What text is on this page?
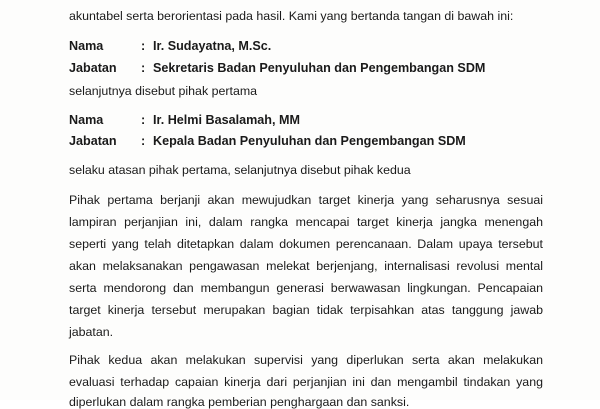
akuntabel serta berorientasi pada hasil. Kami yang bertanda tangan di bawah ini:
Nama	: Ir. Sudayatna, M.Sc.
Jabatan : Sekretaris Badan Penyuluhan dan Pengembangan SDM
selanjutnya disebut pihak pertama
Nama	: Ir. Helmi Basalamah, MM
Jabatan : Kepala Badan Penyuluhan dan Pengembangan SDM
selaku atasan pihak pertama, selanjutnya disebut pihak kedua
Pihak pertama berjanji akan mewujudkan target kinerja yang seharusnya sesuai
lampiran perjanjian ini, dalam rangka mencapai target kinerja jangka menengah
seperti yang telah ditetapkan dalam dokumen perencanaan. Dalam upaya tersebut
akan melaksanakan pengawasan melekat berjenjang, internalisasi revolusi mental
serta mendorong dan membangun generasi berwawasan lingkungan. Pencapaian
target kinerja tersebut merupakan bagian tidak terpisahkan atas tanggung jawab
jabatan.
Pihak kedua akan melakukan supervisi yang diperlukan serta akan melakukan
evaluasi terhadap capaian kinerja dari perjanjian ini dan mengambil tindakan yang
diperlukan dalam rangka pemberian penghargaan dan sanksi.
